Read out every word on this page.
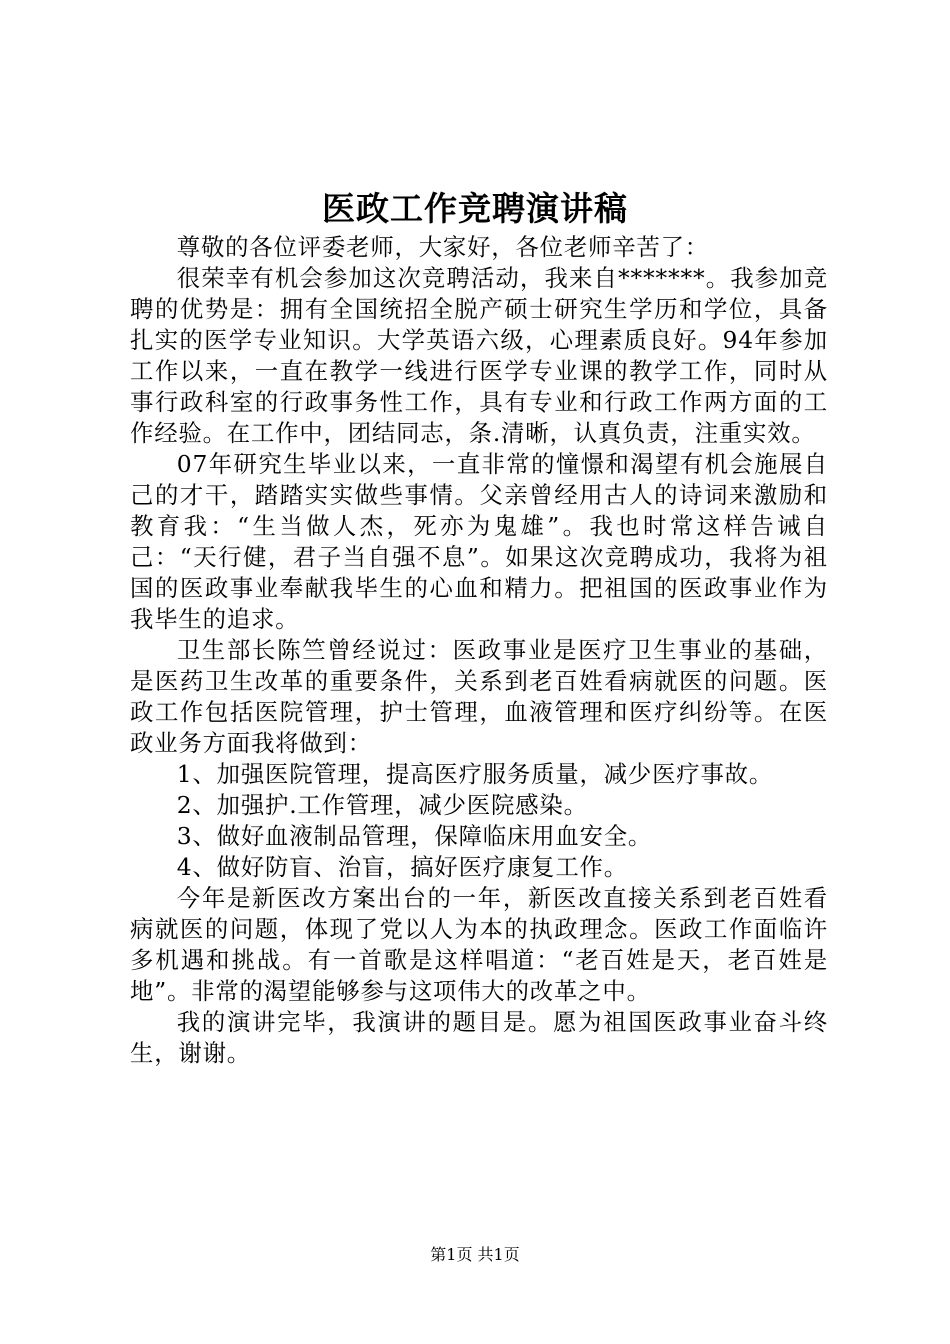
医政工作竞聘演讲稿

尊敬的各位评委老师，大家好，各位老师辛苦了：

很荣幸有机会参加这次竞聘活动，我来自*******。我参加竞聘的优势是：拥有全国统招全脱产硕士研究生学历和学位，具备扎实的医学专业知识。大学英语六级，心理素质良好。94年参加工作以来，一直在教学一线进行医学专业课的教学工作，同时从事行政科室的行政事务性工作，具有专业和行政工作两方面的工作经验。在工作中，团结同志，条.清晰，认真负责，注重实效。

07年研究生毕业以来，一直非常的憧憬和渴望有机会施展自己的才干，踏踏实实做些事情。父亲曾经用古人的诗词来激励和教育我：“生当做人杰，死亦为鬼雄”。我也时常这样告诫自己：“天行健，君子当自强不息”。如果这次竞聘成功，我将为祖国的医政事业奉献我毕生的心血和精力。把祖国的医政事业作为我毕生的追求。

卫生部长陈竺曾经说过：医政事业是医疗卫生事业的基础，是医药卫生改革的重要条件，关系到老百姓看病就医的问题。医政工作包括医院管理，护士管理，血液管理和医疗纠纷等。在医政业务方面我将做到：

1、加强医院管理，提高医疗服务质量，减少医疗事故。

2、加强护.工作管理，减少医院感染。

3、做好血液制品管理，保障临床用血安全。

4、做好防盲、治盲，搞好医疗康复工作。

今年是新医改方案出台的一年，新医改直接关系到老百姓看病就医的问题，体现了党以人为本的执政理念。医政工作面临许多机遇和挑战。有一首歌是这样唱道：“老百姓是天，老百姓是地”。非常的渴望能够参与这项伟大的改革之中。

我的演讲完毕，我演讲的题目是。愿为祖国医政事业奋斗终生，谢谢。

第1页 共1页
